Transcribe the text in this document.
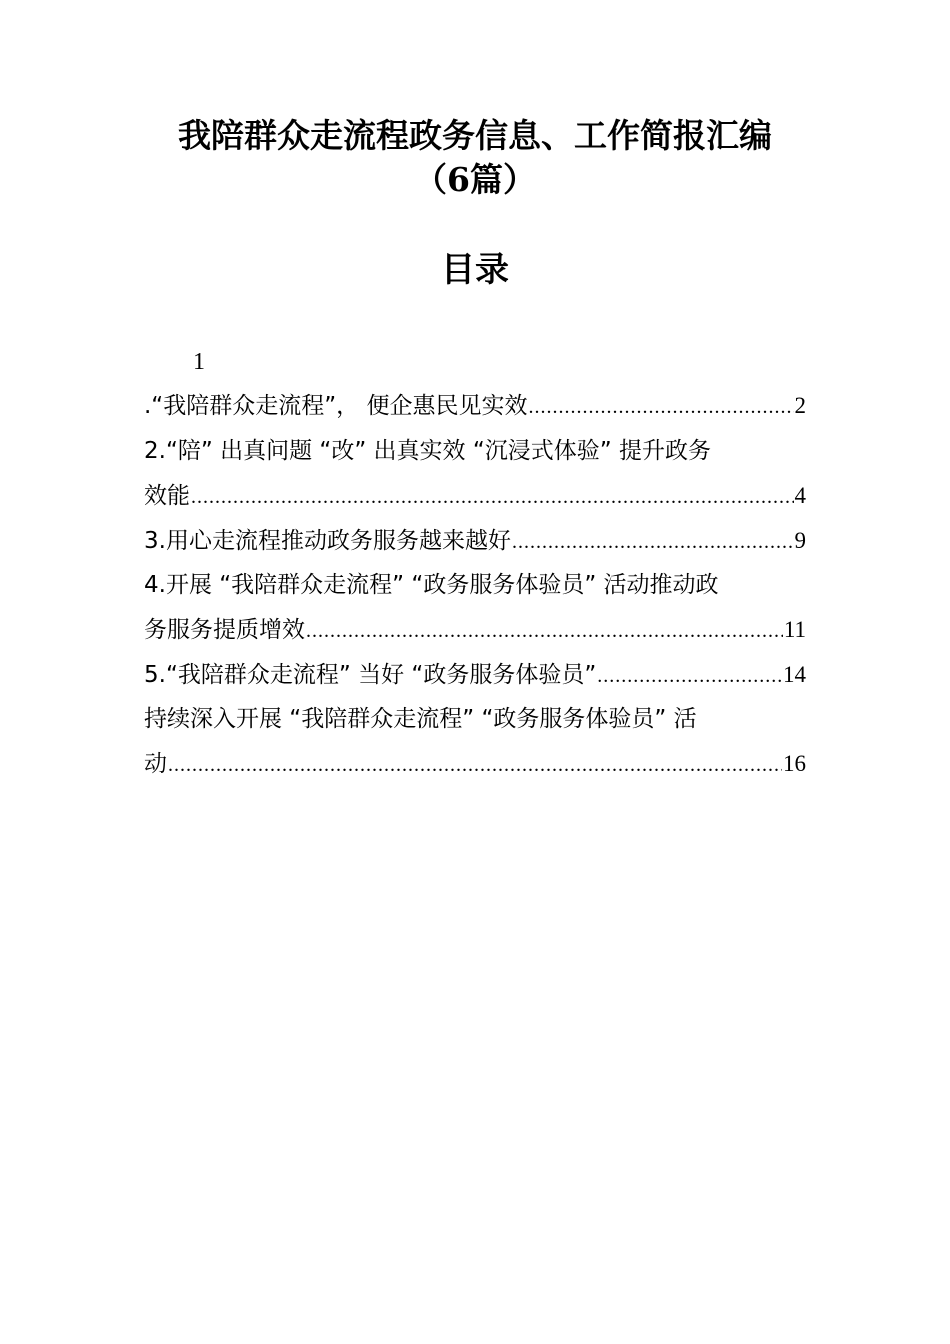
我陪群众走流程政务信息、工作简报汇编
（6篇）
目录
1
.“我陪群众走流程”， 便企惠民见实效 .....	2
2.“陪” 出真问题 “改” 出真实效 “沉浸式体验” 提升政务
效能 .....	4
3.用心走流程推动政务服务越来越好 .....	9
4.开展 “我陪群众走流程” “政务服务体验员” 活动推动政
务服务提质增效 .....	11
5.“我陪群众走流程” 当好 “政务服务体验员” .....	14
持续深入开展 “我陪群众走流程” “政务服务体验员” 活
动 .....	16
